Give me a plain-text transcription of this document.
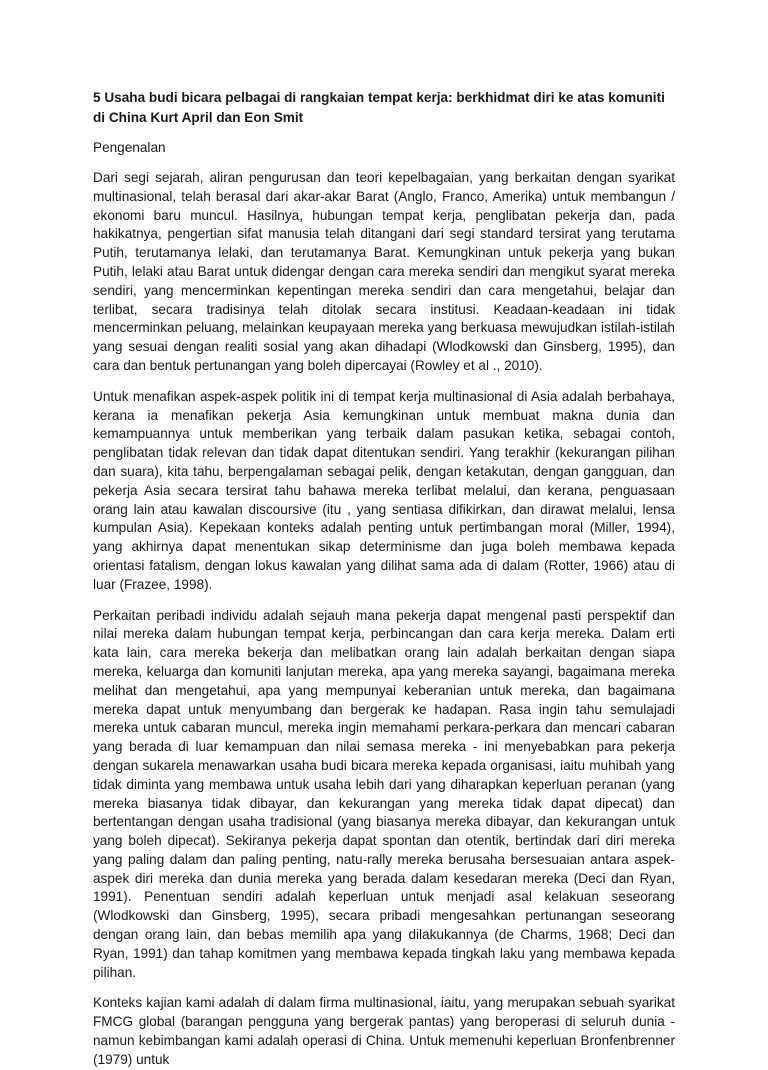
5 Usaha budi bicara pelbagai di rangkaian tempat kerja: berkhidmat diri ke atas komuniti di China Kurt April dan Eon Smit
Pengenalan

Dari segi sejarah, aliran pengurusan dan teori kepelbagaian, yang berkaitan dengan syarikat multinasional, telah berasal dari akar-akar Barat (Anglo, Franco, Amerika) untuk membangun / ekonomi baru muncul. Hasilnya, hubungan tempat kerja, penglibatan pekerja dan, pada hakikatnya, pengertian sifat manusia telah ditangani dari segi standard tersirat yang terutama Putih, terutamanya lelaki, dan terutamanya Barat. Kemungkinan untuk pekerja yang bukan Putih, lelaki atau Barat untuk didengar dengan cara mereka sendiri dan mengikut syarat mereka sendiri, yang mencerminkan kepentingan mereka sendiri dan cara mengetahui, belajar dan terlibat, secara tradisinya telah ditolak secara institusi. Keadaan-keadaan ini tidak mencerminkan peluang, melainkan keupayaan mereka yang berkuasa mewujudkan istilah-istilah yang sesuai dengan realiti sosial yang akan dihadapi (Wlodkowski dan Ginsberg, 1995), dan cara dan bentuk pertunangan yang boleh dipercayai (Rowley et al ., 2010).

Untuk menafikan aspek-aspek politik ini di tempat kerja multinasional di Asia adalah berbahaya, kerana ia menafikan pekerja Asia kemungkinan untuk membuat makna dunia dan kemampuannya untuk memberikan yang terbaik dalam pasukan ketika, sebagai contoh, penglibatan tidak relevan dan tidak dapat ditentukan sendiri. Yang terakhir (kekurangan pilihan dan suara), kita tahu, berpengalaman sebagai pelik, dengan ketakutan, dengan gangguan, dan pekerja Asia secara tersirat tahu bahawa mereka terlibat melalui, dan kerana, penguasaan orang lain atau kawalan discoursive (itu , yang sentiasa difikirkan, dan dirawat melalui, lensa kumpulan Asia). Kepekaan konteks adalah penting untuk pertimbangan moral (Miller, 1994), yang akhirnya dapat menentukan sikap determinisme dan juga boleh membawa kepada orientasi fatalism, dengan lokus kawalan yang dilihat sama ada di dalam (Rotter, 1966) atau di luar (Frazee, 1998).

Perkaitan peribadi individu adalah sejauh mana pekerja dapat mengenal pasti perspektif dan nilai mereka dalam hubungan tempat kerja, perbincangan dan cara kerja mereka. Dalam erti kata lain, cara mereka bekerja dan melibatkan orang lain adalah berkaitan dengan siapa mereka, keluarga dan komuniti lanjutan mereka, apa yang mereka sayangi, bagaimana mereka melihat dan mengetahui, apa yang mempunyai keberanian untuk mereka, dan bagaimana mereka dapat untuk menyumbang dan bergerak ke hadapan. Rasa ingin tahu semulajadi mereka untuk cabaran muncul, mereka ingin memahami perkara-perkara dan mencari cabaran yang berada di luar kemampuan dan nilai semasa mereka - ini menyebabkan para pekerja dengan sukarela menawarkan usaha budi bicara mereka kepada organisasi, iaitu muhibah yang tidak diminta yang membawa untuk usaha lebih dari yang diharapkan keperluan peranan (yang mereka biasanya tidak dibayar, dan kekurangan yang mereka tidak dapat dipecat) dan bertentangan dengan usaha tradisional (yang biasanya mereka dibayar, dan kekurangan untuk yang boleh dipecat). Sekiranya pekerja dapat spontan dan otentik, bertindak dari diri mereka yang paling dalam dan paling penting, natu-rally mereka berusaha bersesuaian antara aspek-aspek diri mereka dan dunia mereka yang berada dalam kesedaran mereka (Deci dan Ryan, 1991). Penentuan sendiri adalah keperluan untuk menjadi asal kelakuan seseorang (Wlodkowski dan Ginsberg, 1995), secara pribadi mengesahkan pertunangan seseorang dengan orang lain, dan bebas memilih apa yang dilakukannya (de Charms, 1968; Deci dan Ryan, 1991) dan tahap komitmen yang membawa kepada tingkah laku yang membawa kepada pilihan.

Konteks kajian kami adalah di dalam firma multinasional, iaitu, yang merupakan sebuah syarikat FMCG global (barangan pengguna yang bergerak pantas) yang beroperasi di seluruh dunia - namun kebimbangan kami adalah operasi di China. Untuk memenuhi keperluan Bronfenbrenner (1979) untuk
